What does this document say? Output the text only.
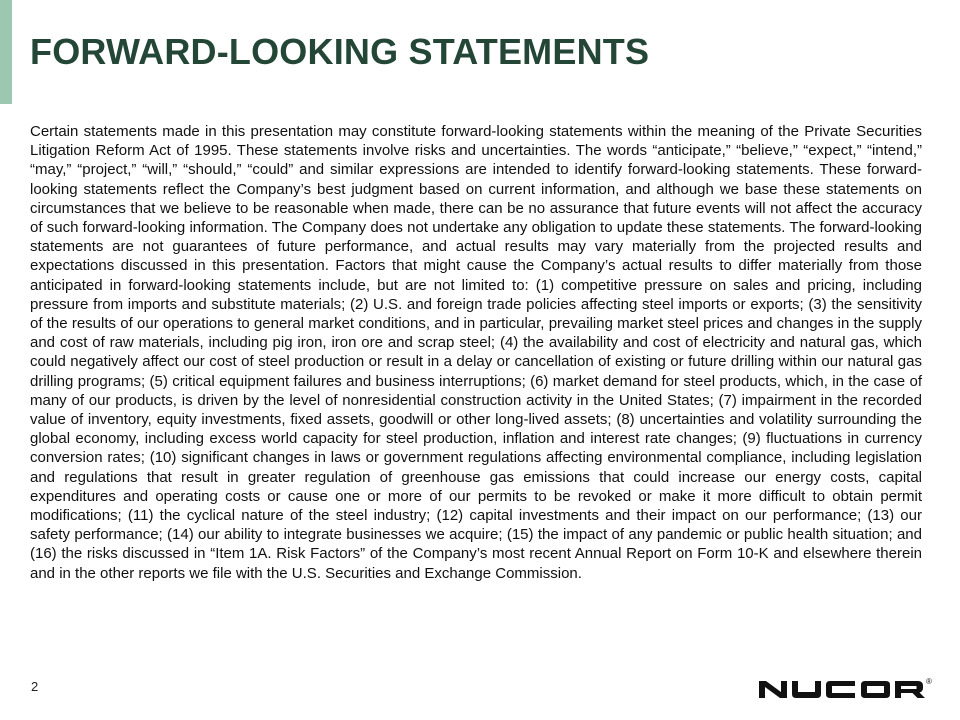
FORWARD-LOOKING STATEMENTS

Certain statements made in this presentation may constitute forward-looking statements within the meaning of the Private Securities Litigation Reform Act of 1995. These statements involve risks and uncertainties. The words “anticipate,” “believe,” “expect,” “intend,” “may,” “project,” “will,” “should,” “could” and similar expressions are intended to identify forward-looking statements. These forward-looking statements reflect the Company’s best judgment based on current information, and although we base these statements on circumstances that we believe to be reasonable when made, there can be no assurance that future events will not affect the accuracy of such forward-looking information. The Company does not undertake any obligation to update these statements. The forward-looking statements are not guarantees of future performance, and actual results may vary materially from the projected results and expectations discussed in this presentation. Factors that might cause the Company’s actual results to differ materially from those anticipated in forward-looking statements include, but are not limited to: (1) competitive pressure on sales and pricing, including pressure from imports and substitute materials; (2) U.S. and foreign trade policies affecting steel imports or exports; (3) the sensitivity of the results of our operations to general market conditions, and in particular, prevailing market steel prices and changes in the supply and cost of raw materials, including pig iron, iron ore and scrap steel; (4) the availability and cost of electricity and natural gas, which could negatively affect our cost of steel production or result in a delay or cancellation of existing or future drilling within our natural gas drilling programs; (5) critical equipment failures and business interruptions; (6) market demand for steel products, which, in the case of many of our products, is driven by the level of nonresidential construction activity in the United States; (7) impairment in the recorded value of inventory, equity investments, fixed assets, goodwill or other long-lived assets; (8) uncertainties and volatility surrounding the global economy, including excess world capacity for steel production, inflation and interest rate changes; (9) fluctuations in currency conversion rates; (10) significant changes in laws or government regulations affecting environmental compliance, including legislation and regulations that result in greater regulation of greenhouse gas emissions that could increase our energy costs, capital expenditures and operating costs or cause one or more of our permits to be revoked or make it more difficult to obtain permit modifications; (11) the cyclical nature of the steel industry; (12) capital investments and their impact on our performance; (13) our safety performance; (14) our ability to integrate businesses we acquire; (15) the impact of any pandemic or public health situation; and (16) the risks discussed in “Item 1A. Risk Factors” of the Company’s most recent Annual Report on Form 10-K and elsewhere therein and in the other reports we file with the U.S. Securities and Exchange Commission.

2	®
